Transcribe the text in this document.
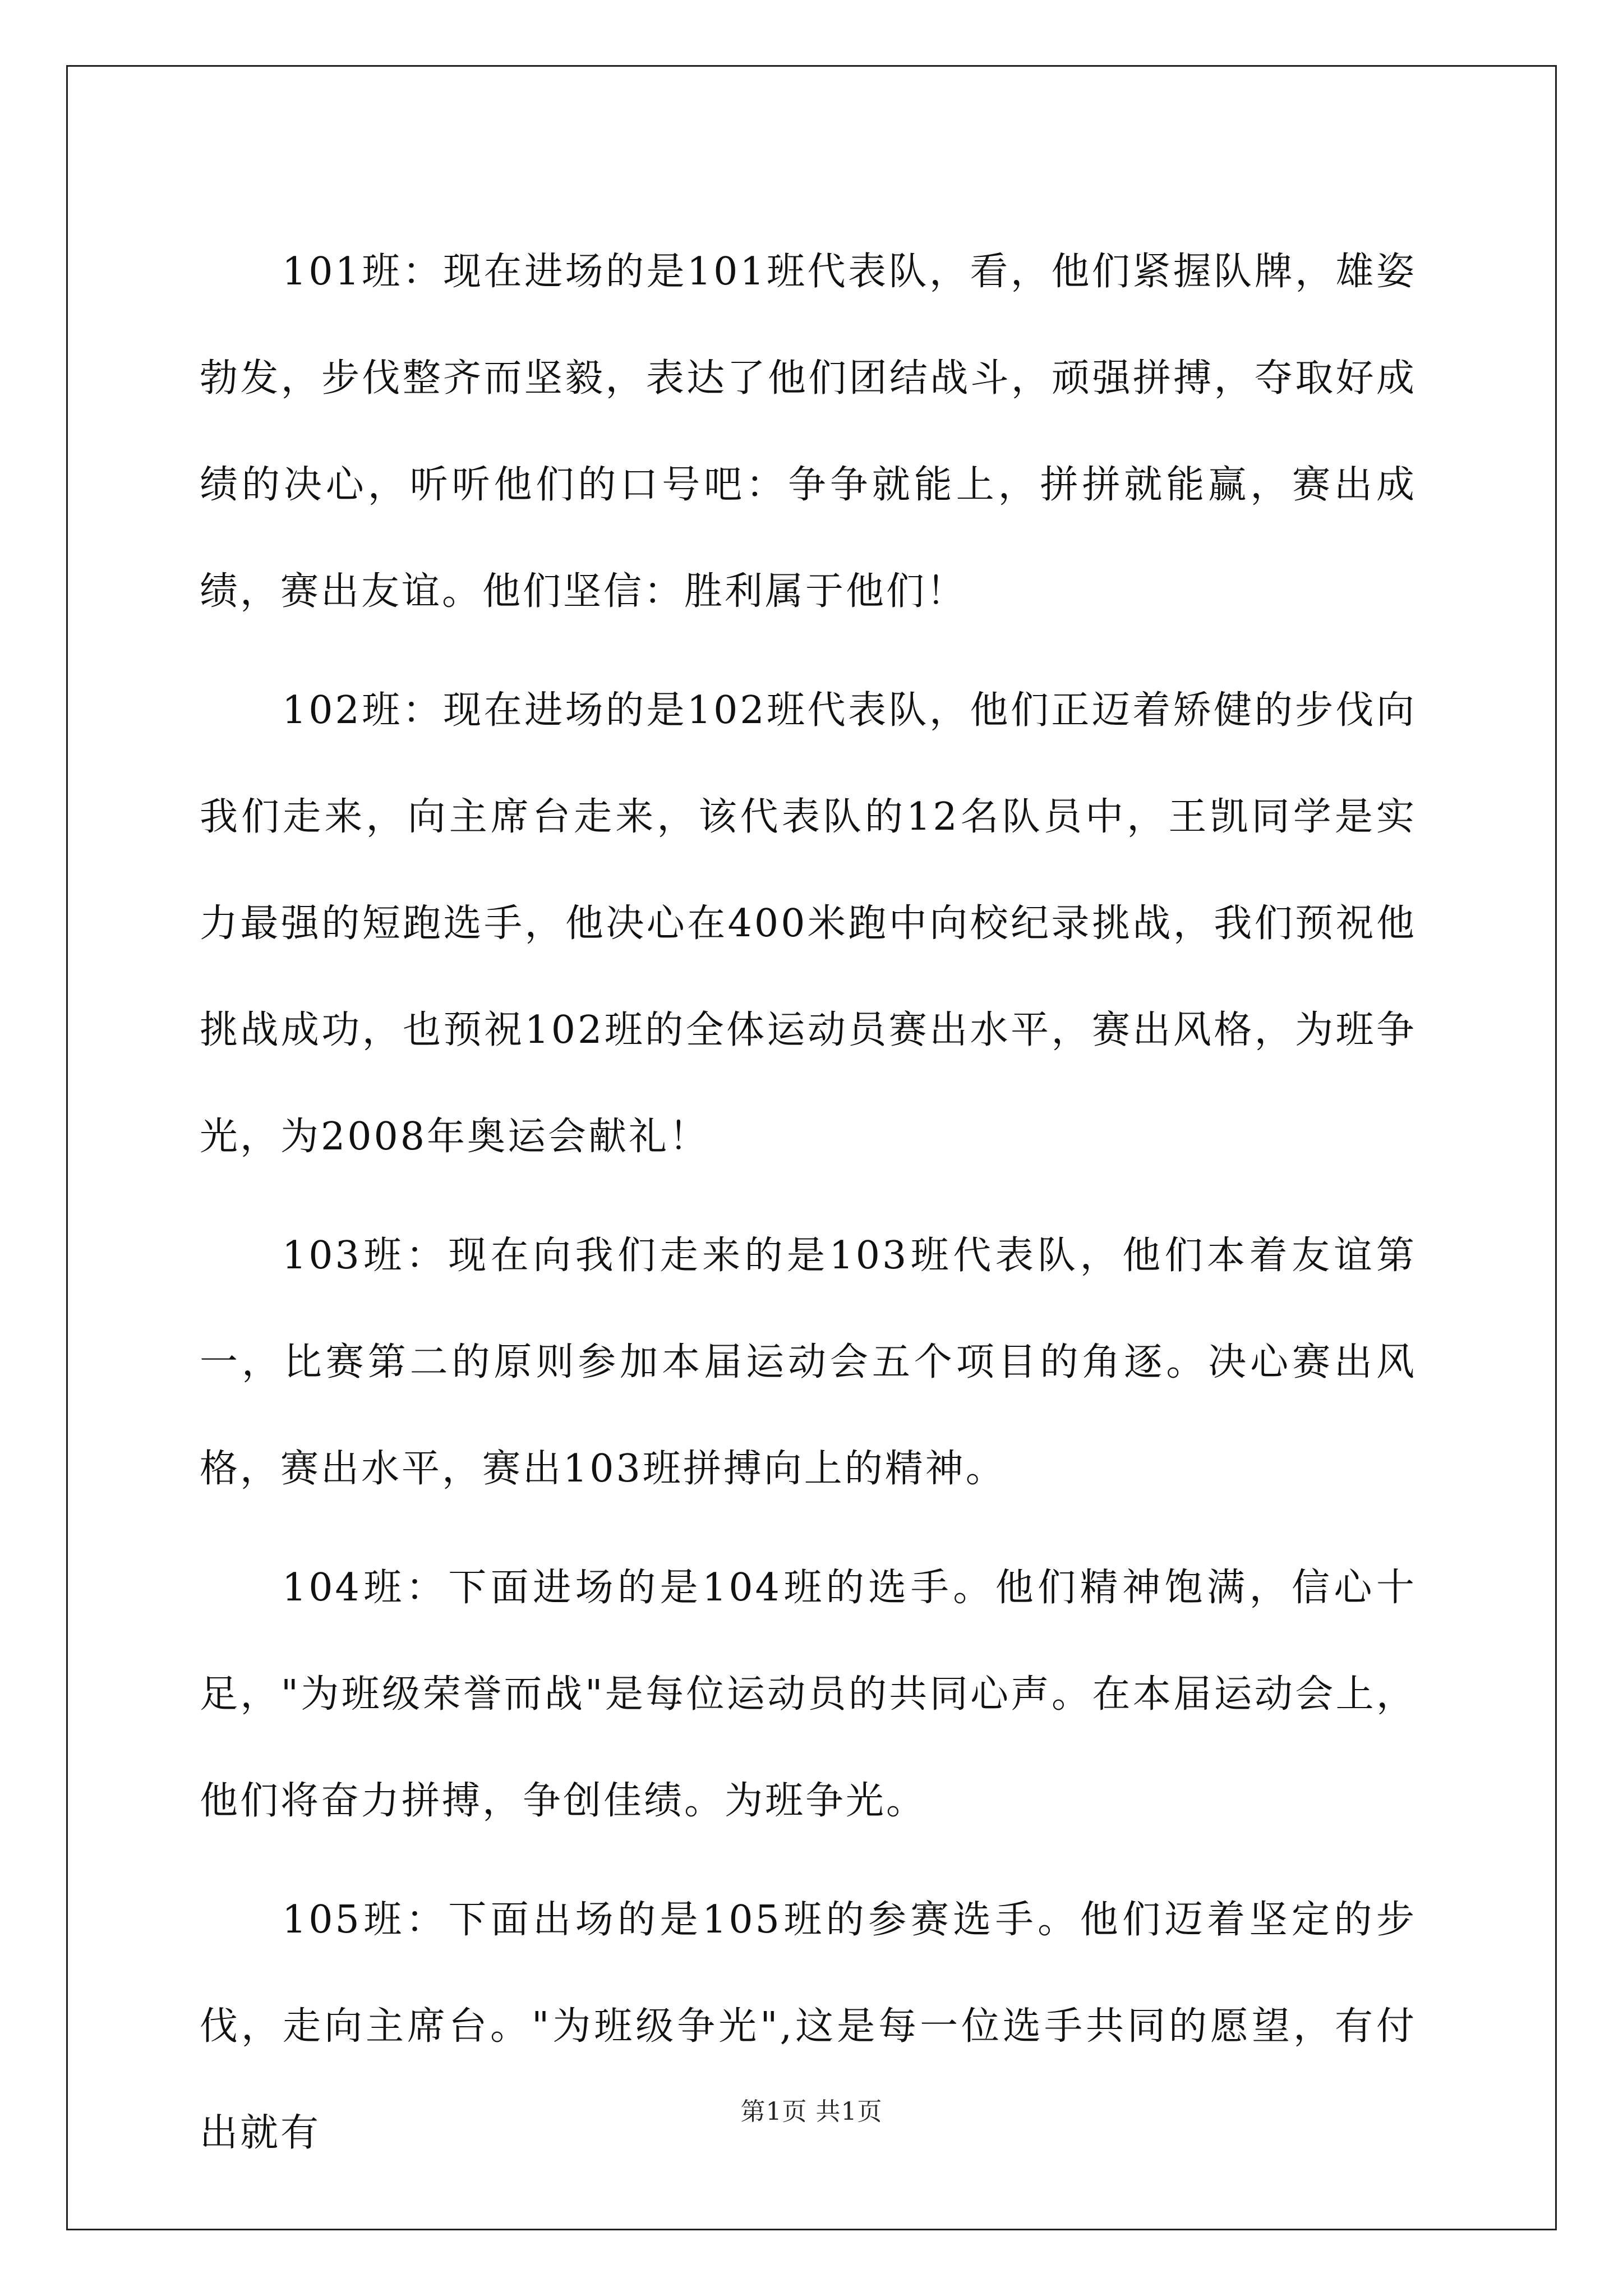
101班：现在进场的是101班代表队，看，他们紧握队牌，雄姿勃发，步伐整齐而坚毅，表达了他们团结战斗，顽强拼搏，夺取好成绩的决心，听听他们的口号吧：争争就能上，拼拼就能赢，赛出成绩，赛出友谊。他们坚信：胜利属于他们！

102班：现在进场的是102班代表队，他们正迈着矫健的步伐向我们走来，向主席台走来，该代表队的12名队员中，王凯同学是实力最强的短跑选手，他决心在400米跑中向校纪录挑战，我们预祝他挑战成功，也预祝102班的全体运动员赛出水平，赛出风格，为班争光，为2008年奥运会献礼！

103班：现在向我们走来的是103班代表队，他们本着友谊第一，比赛第二的原则参加本届运动会五个项目的角逐。决心赛出风格，赛出水平，赛出103班拼搏向上的精神。

104班：下面进场的是104班的选手。他们精神饱满，信心十足，"为班级荣誉而战"是每位运动员的共同心声。在本届运动会上，他们将奋力拼搏，争创佳绩。为班争光。

105班：下面出场的是105班的参赛选手。他们迈着坚定的步伐，走向主席台。"为班级争光",这是每一位选手共同的愿望，有付出就有	第1页 共1页
